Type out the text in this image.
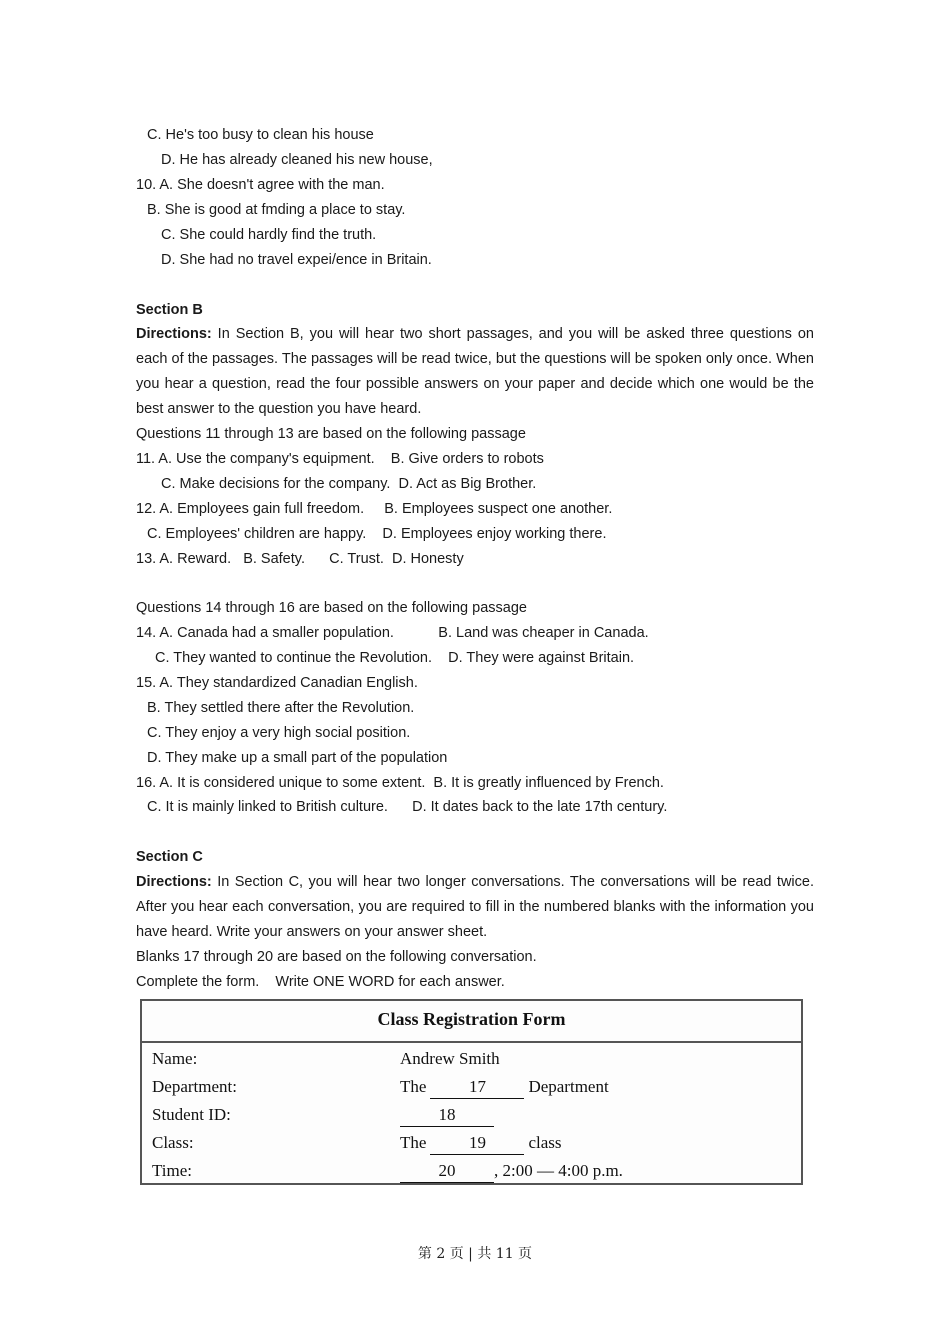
C. He's too busy to clean his house
D. He has already cleaned his new house,
10. A. She doesn't agree with the man.
B. She is good at fmding a place to stay.
C. She could hardly find the truth.
D. She had no travel expei/ence in Britain.
Section B
Directions: In Section B, you will hear two short passages, and you will be asked three questions on each of the passages. The passages will be read twice, but the questions will be spoken only once. When you hear a question, read the four possible answers on your paper and decide which one would be the best answer to the question you have heard.
Questions 11 through 13 are based on the following passage
11. A. Use the company's equipment.    B. Give orders to robots
C. Make decisions for the company.  D. Act as Big Brother.
12. A. Employees gain full freedom.     B. Employees suspect one another.
C. Employees' children are happy.    D. Employees enjoy working there.
13. A. Reward.   B. Safety.      C. Trust.  D. Honesty
Questions 14 through 16 are based on the following passage
14. A. Canada had a smaller population.           B. Land was cheaper in Canada.
C. They wanted to continue the Revolution.    D. They were against Britain.
15. A. They standardized Canadian English.
B. They settled there after the Revolution.
C. They enjoy a very high social position.
D. They make up a small part of the population
16. A. It is considered unique to some extent.  B. It is greatly influenced by French.
C. It is mainly linked to British culture.      D. It dates back to the late 17th century.
Section C
Directions: In Section C, you will hear two longer conversations. The conversations will be read twice. After you hear each conversation, you are required to fill in the numbered blanks with the information you have heard. Write your answers on your answer sheet.
Blanks 17 through 20 are based on the following conversation.
Complete the form.    Write ONE WORD for each answer.
Class Registration Form
Name:	Andrew Smith
Department:	The	17	Department
Student ID:	18
Class:	The	19	class
Time:	20 , 2:00 — 4:00 p.m.
第 2 页 | 共 11 页
